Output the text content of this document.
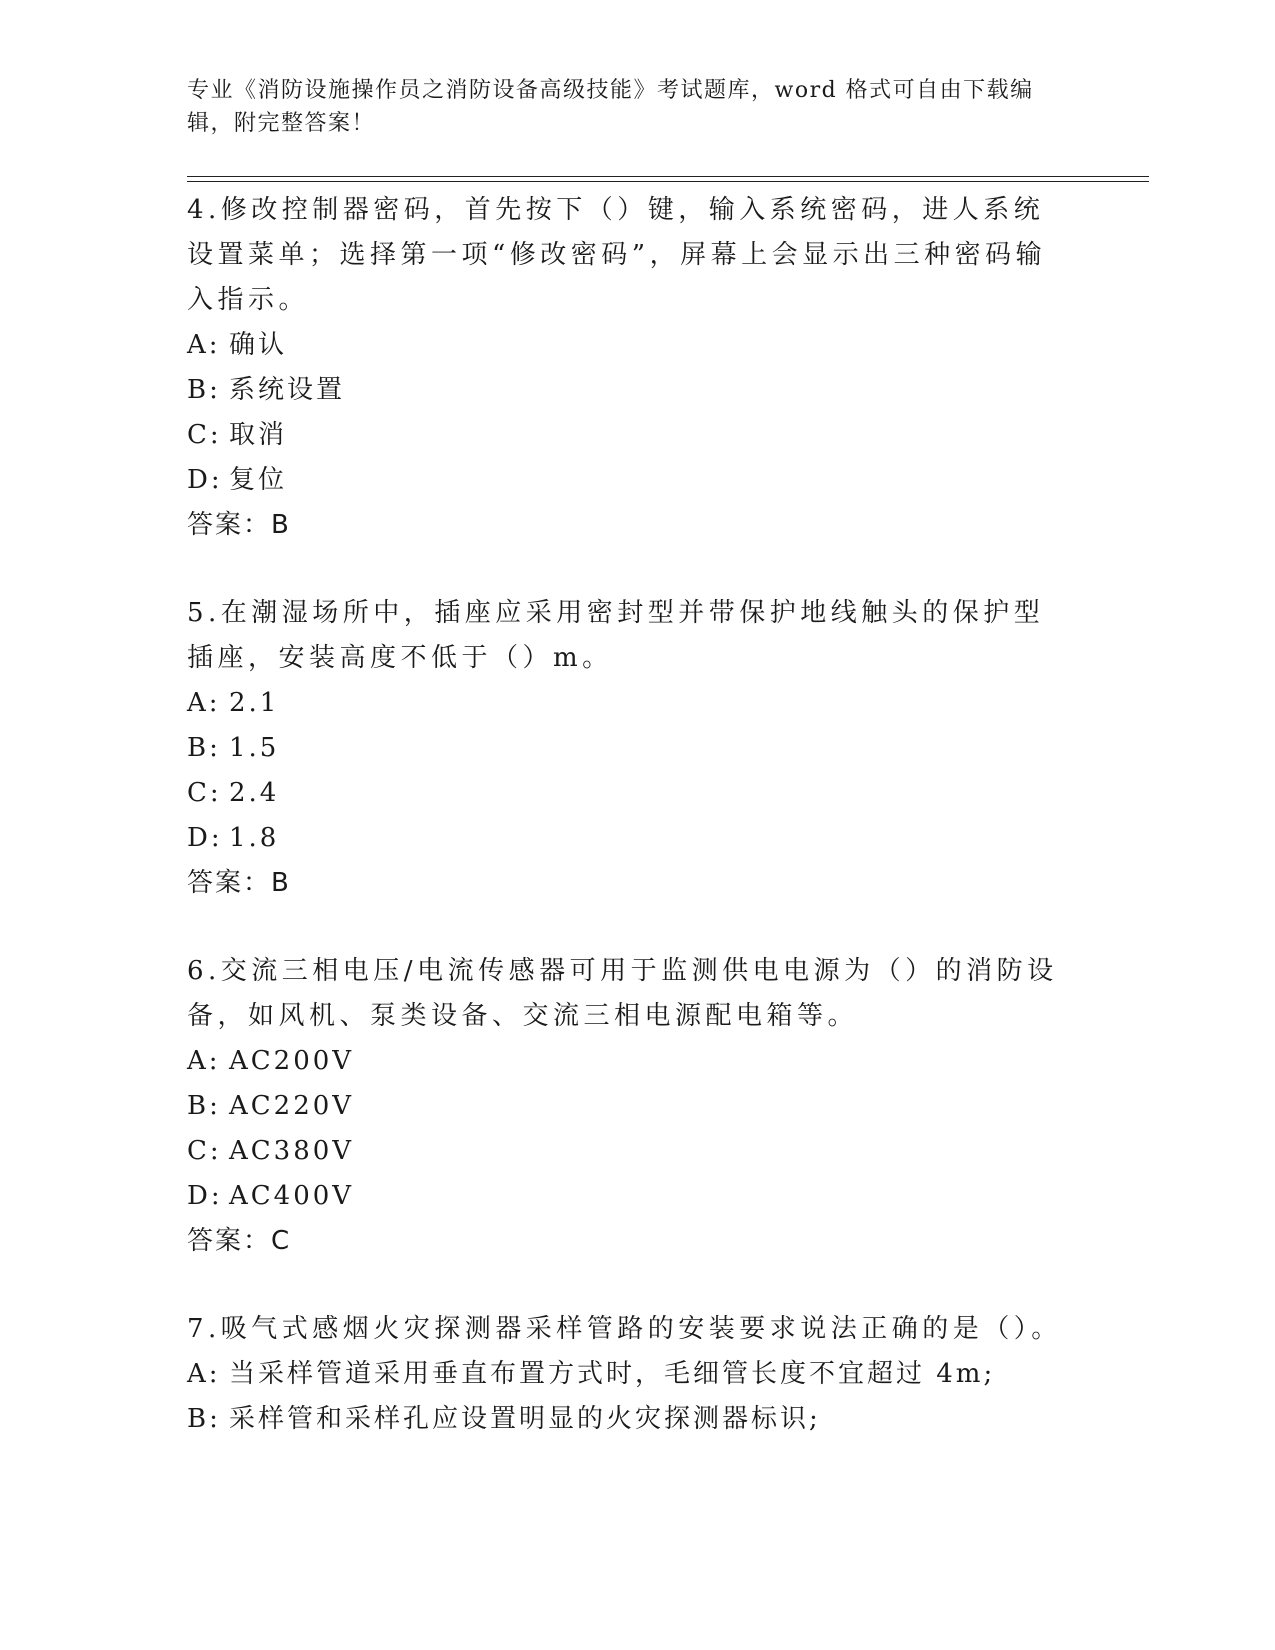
专业《消防设施操作员之消防设备高级技能》考试题库，word 格式可自由下载编辑，附完整答案！

4.修改控制器密码，首先按下（）键，输入系统密码，进人系统设置菜单；选择第一项“修改密码”，屏幕上会显示出三种密码输入指示。

A: 确认

B: 系统设置

C: 取消

D: 复位

答案：B

5.在潮湿场所中，插座应采用密封型并带保护地线触头的保护型插座，安装高度不低于（）m。

A: 2.1

B: 1.5

C: 2.4

D: 1.8

答案：B

6.交流三相电压/电流传感器可用于监测供电电源为（）的消防设备，如风机、泵类设备、交流三相电源配电箱等。

A: AC200V

B: AC220V

C: AC380V

D: AC400V

答案：C

7.吸气式感烟火灾探测器采样管路的安装要求说法正确的是（）。

A: 当采样管道采用垂直布置方式时，毛细管长度不宜超过 4m;

B: 采样管和采样孔应设置明显的火灾探测器标识;
